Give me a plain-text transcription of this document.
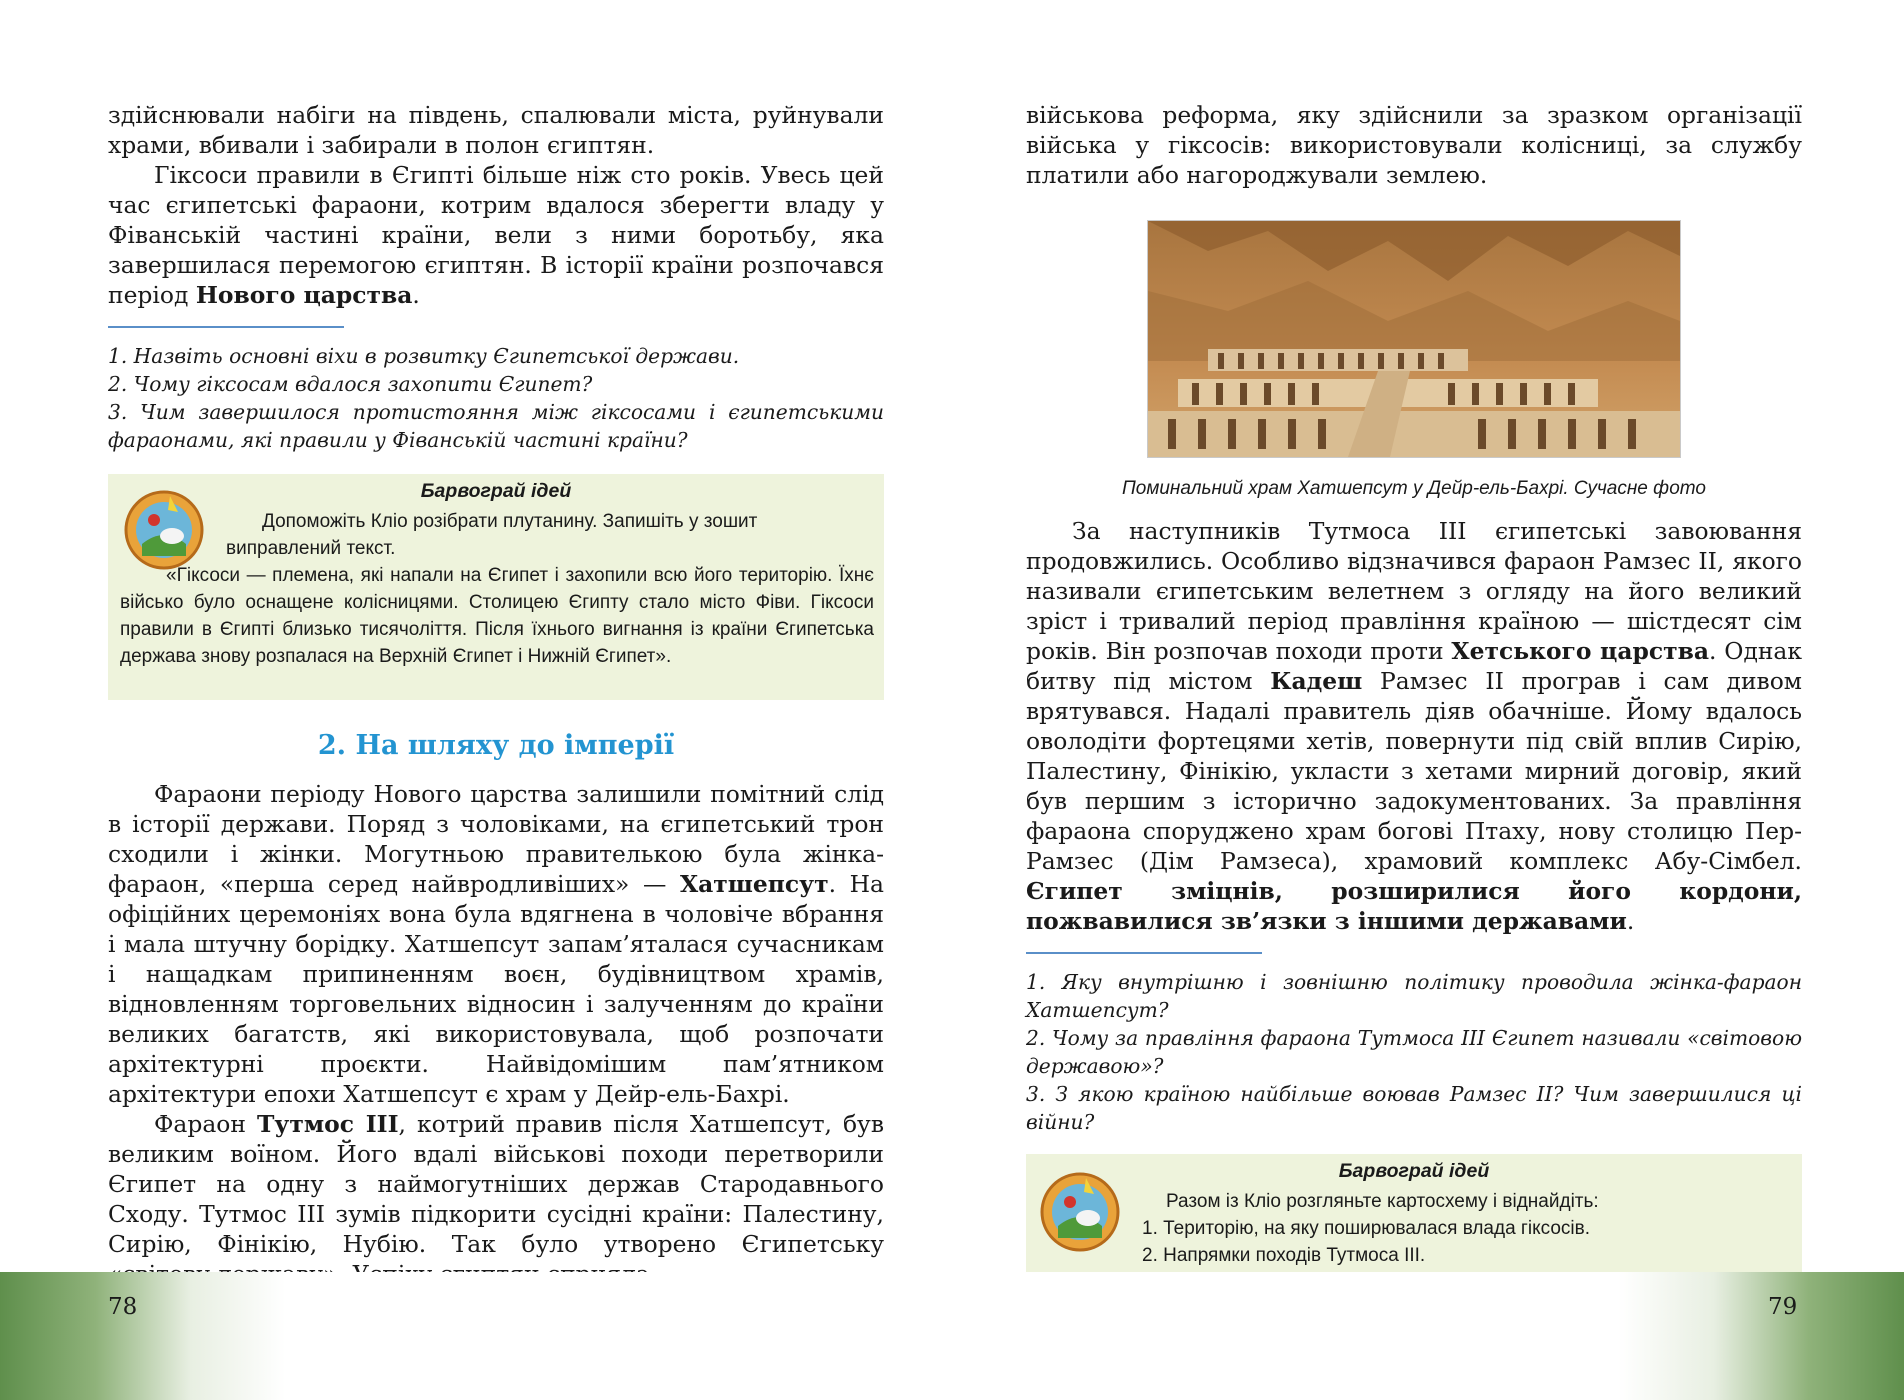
здійснювали набіги на південь, спалювали міста, руйнували храми, вбивали і забирали в полон єгиптян.

Гіксоси правили в Єгипті більше ніж сто років. Увесь цей час єгипетські фараони, котрим вдалося зберегти владу у Фіванській частині країни, вели з ними боротьбу, яка завершилася перемогою єгиптян. В історії країни розпочався період Нового царства.

1. Назвіть основні віхи в розвитку Єгипетської держави.

2. Чому гіксосам вдалося захопити Єгипет?

3. Чим завершилося протистояння між гіксосами і єгипетськими фараонами, які правили у Фіванській частині країни?

Барвограй ідей

Допоможіть Кліо розібрати плутанину. Запишіть у зошит виправлений текст.

«Гіксоси — племена, які напали на Єгипет і захопили всю його територію. Їхнє військо було оснащене колісницями. Столицею Єгипту стало місто Фіви. Гіксоси правили в Єгипті близько тисячоліття. Після їхнього вигнання із країни Єгипетська держава знову розпалася на Верхній Єгипет і Нижній Єгипет».

2. На шляху до імперії

Фараони періоду Нового царства залишили помітний слід в історії держави. Поряд з чоловіками, на єгипетський трон сходили і жінки. Могутньою правителькою була жінка-фараон, «перша серед найвродливіших» — Хатшепсут. На офіційних церемоніях вона була вдягнена в чоловіче вбрання і мала штучну борідку. Хатшепсут запам’яталася сучасникам і нащадкам припиненням воєн, будівництвом храмів, відновленням торговельних відносин і залученням до країни великих багатств, які використовувала, щоб розпочати архітектурні проєкти. Найвідомішим пам’ятником архітектури епохи Хатшепсут є храм у Дейр-ель-Бахрі.

Фараон Тутмос III, котрий правив після Хатшепсут, був великим воїном. Його вдалі військові походи перетворили Єгипет на одну з наймогутніших держав Стародавнього Сходу. Тутмос III зумів підкорити сусідні країни: Палестину, Сирію, Фінікію, Нубію. Так було утворено Єгипетську

78

військова реформа, яку здійснили за зразком організації війська у гіксосів: використовували колісниці, за службу платили або нагороджували землею.

Поминальний храм Хатшепсут у Дейр-ель-Бахрі. Сучасне фото

За наступників Тутмоса III єгипетські завоювання продовжились. Особливо відзначився фараон Рамзес II, якого називали єгипетським велетнем з огляду на його великий зріст і тривалий період правління країною — шістдесят сім років. Він розпочав походи проти Хетського царства. Однак битву під містом Кадеш Рамзес II програв і сам дивом врятувався. Надалі правитель діяв обачніше. Йому вдалось оволодіти фортецями хетів, повернути під свій вплив Сирію, Палестину, Фінікію, укласти з хетами мирний договір, який був першим з історично задокументованих. За правління фараона споруджено храм богові Птаху, нову столицю Пер-Рамзес (Дім Рамзеса), храмовий комплекс Абу-Сімбел. Єгипет зміцнів, розширилися його кордони, пожвавилися зв’язки з іншими державами.

1. Яку внутрішню і зовнішню політику проводила жінка-фараон Хатшепсут?

2. Чому за правління фараона Тутмоса III Єгипет називали «світовою державою»?

3. З якою країною найбільше воював Рамзес II? Чим завершилися ці війни?

Барвограй ідей

Разом із Кліо розгляньте картосхему і віднайдіть:

1. Територію, на яку поширювалася влада гіксосів.

2. Напрямки походів Тутмоса III.

79
